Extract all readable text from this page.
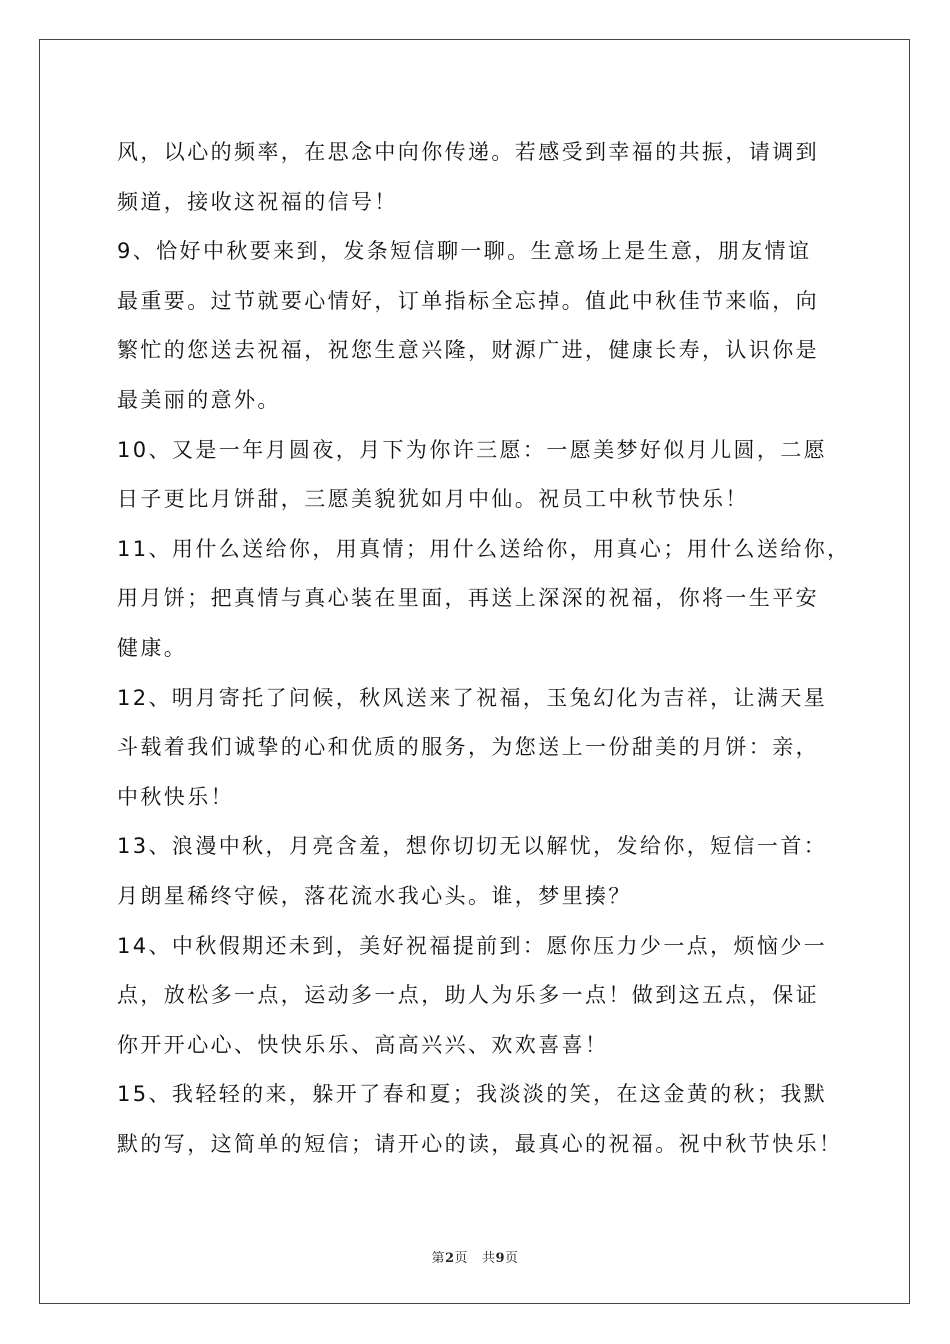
风，以心的频率，在思念中向你传递。若感受到幸福的共振，请调到
频道，接收这祝福的信号！
9、恰好中秋要来到，发条短信聊一聊。生意场上是生意，朋友情谊
最重要。过节就要心情好，订单指标全忘掉。值此中秋佳节来临，向
繁忙的您送去祝福，祝您生意兴隆，财源广进，健康长寿，认识你是
最美丽的意外。
10、又是一年月圆夜，月下为你许三愿：一愿美梦好似月儿圆，二愿
日子更比月饼甜，三愿美貌犹如月中仙。祝员工中秋节快乐！
11、用什么送给你，用真情；用什么送给你，用真心；用什么送给你，
用月饼；把真情与真心装在里面，再送上深深的祝福，你将一生平安
健康。
12、明月寄托了问候，秋风送来了祝福，玉兔幻化为吉祥，让满天星
斗载着我们诚挚的心和优质的服务，为您送上一份甜美的月饼：亲，
中秋快乐！
13、浪漫中秋，月亮含羞，想你切切无以解忧，发给你，短信一首：
月朗星稀终守候，落花流水我心头。谁，梦里揍？
14、中秋假期还未到，美好祝福提前到：愿你压力少一点，烦恼少一
点，放松多一点，运动多一点，助人为乐多一点！做到这五点，保证
你开开心心、快快乐乐、高高兴兴、欢欢喜喜！
15、我轻轻的来，躲开了春和夏；我淡淡的笑，在这金黄的秋；我默
默的写，这简单的短信；请开心的读，最真心的祝福。祝中秋节快乐！
第2页 共9页
